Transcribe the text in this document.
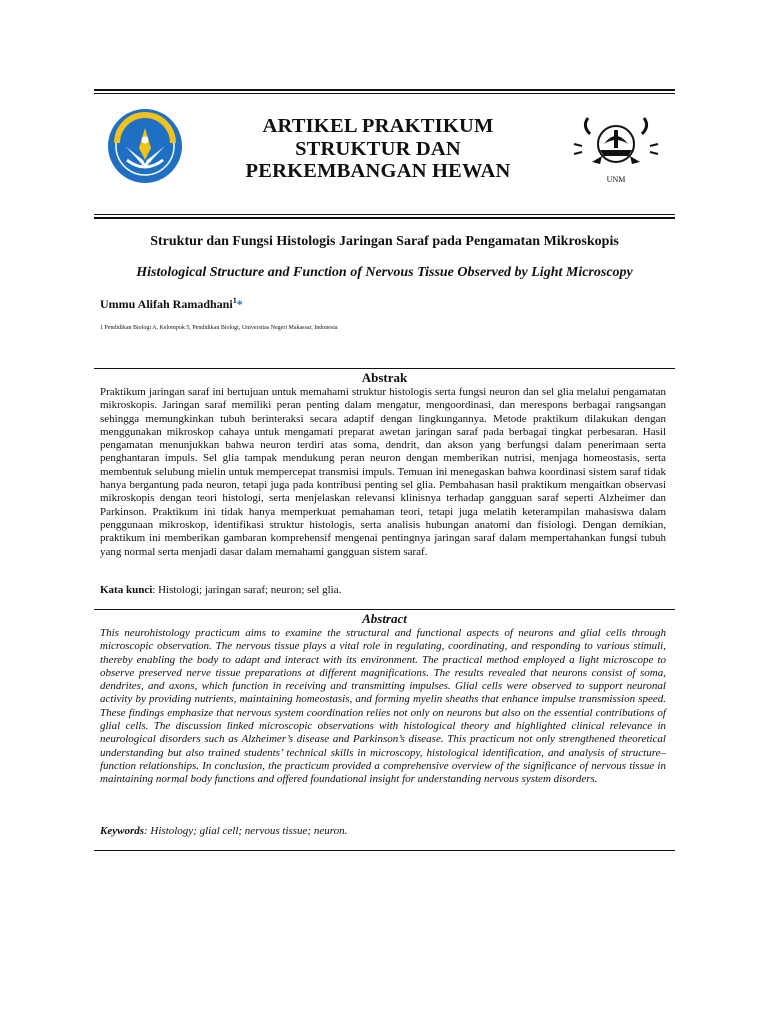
ARTIKEL PRAKTIKUM
STRUKTUR DAN
PERKEMBANGAN HEWAN	UNM
Struktur dan Fungsi Histologis Jaringan Saraf pada Pengamatan Mikroskopis
Histological Structure and Function of Nervous Tissue Observed by Light Microscopy
Ummu Alifah Ramadhani$^1$*
1 Pendidikan Biologi A, Kelompok 5, Pendidikan Biologi, Universitas Negeri Makassar, Indonesia
Abstrak
Praktikum jaringan saraf ini bertujuan untuk memahami struktur histologis serta fungsi neuron dan sel glia melalui pengamatan mikroskopis. Jaringan saraf memiliki peran penting dalam mengatur, mengoordinasi, dan merespons berbagai rangsangan sehingga memungkinkan tubuh berinteraksi secara adaptif dengan lingkungannya. Metode praktikum dilakukan dengan menggunakan mikroskop cahaya untuk mengamati preparat awetan jaringan saraf pada berbagai tingkat perbesaran. Hasil pengamatan menunjukkan bahwa neuron terdiri atas soma, dendrit, dan akson yang berfungsi dalam penerimaan serta penghantaran impuls. Sel glia tampak mendukung peran neuron dengan memberikan nutrisi, menjaga homeostasis, serta membentuk selubung mielin untuk mempercepat transmisi impuls. Temuan ini menegaskan bahwa koordinasi sistem saraf tidak hanya bergantung pada neuron, tetapi juga pada kontribusi penting sel glia. Pembahasan hasil praktikum mengaitkan observasi mikroskopis dengan teori histologi, serta menjelaskan relevansi klinisnya terhadap gangguan saraf seperti Alzheimer dan Parkinson. Praktikum ini tidak hanya memperkuat pemahaman teori, tetapi juga melatih keterampilan mahasiswa dalam penggunaan mikroskop, identifikasi struktur histologis, serta analisis hubungan anatomi dan fisiologi. Dengan demikian, praktikum ini memberikan gambaran komprehensif mengenai pentingnya jaringan saraf dalam mempertahankan fungsi tubuh yang normal serta menjadi dasar dalam memahami gangguan sistem saraf.
Kata kunci: Histologi; jaringan saraf; neuron; sel glia.
Abstract
This neurohistology practicum aims to examine the structural and functional aspects of neurons and glial cells through microscopic observation. The nervous tissue plays a vital role in regulating, coordinating, and responding to various stimuli, thereby enabling the body to adapt and interact with its environment. The practical method employed a light microscope to observe preserved nerve tissue preparations at different magnifications. The results revealed that neurons consist of soma, dendrites, and axons, which function in receiving and transmitting impulses. Glial cells were observed to support neuronal activity by providing nutrients, maintaining homeostasis, and forming myelin sheaths that enhance impulse transmission speed. These findings emphasize that nervous system coordination relies not only on neurons but also on the essential contributions of glial cells. The discussion linked microscopic observations with histological theory and highlighted clinical relevance in neurological disorders such as Alzheimer’s disease and Parkinson’s disease. This practicum not only strengthened theoretical understanding but also trained students’ technical skills in microscopy, histological identification, and analysis of structure–function relationships. In conclusion, the practicum provided a comprehensive overview of the significance of nervous tissue in maintaining normal body functions and offered foundational insight for understanding nervous system disorders.
Keywords: Histology; glial cell; nervous tissue; neuron.
